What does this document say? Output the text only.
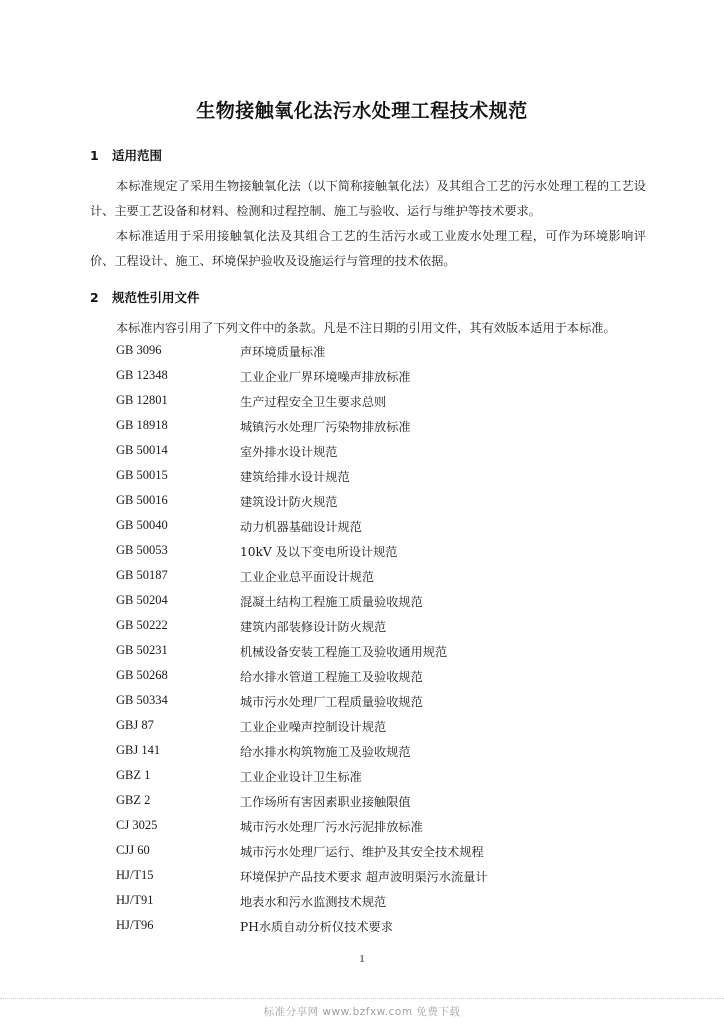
生物接触氧化法污水处理工程技术规范
1 适用范围
本标准规定了采用生物接触氧化法（以下简称接触氧化法）及其组合工艺的污水处理工程的工艺设计、主要工艺设备和材料、检测和过程控制、施工与验收、运行与维护等技术要求。
本标准适用于采用接触氧化法及其组合工艺的生活污水或工业废水处理工程，可作为环境影响评价、工程设计、施工、环境保护验收及设施运行与管理的技术依据。
2 规范性引用文件
本标准内容引用了下列文件中的条款。凡是不注日期的引用文件，其有效版本适用于本标准。
GB 3096	声环境质量标准
GB 12348	工业企业厂界环境噪声排放标准
GB 12801	生产过程安全卫生要求总则
GB 18918	城镇污水处理厂污染物排放标准
GB 50014	室外排水设计规范
GB 50015	建筑给排水设计规范
GB 50016	建筑设计防火规范
GB 50040	动力机器基础设计规范
GB 50053	10kV 及以下变电所设计规范
GB 50187	工业企业总平面设计规范
GB 50204	混凝土结构工程施工质量验收规范
GB 50222	建筑内部装修设计防火规范
GB 50231	机械设备安装工程施工及验收通用规范
GB 50268	给水排水管道工程施工及验收规范
GB 50334	城市污水处理厂工程质量验收规范
GBJ 87	工业企业噪声控制设计规范
GBJ 141	给水排水构筑物施工及验收规范
GBZ 1	工业企业设计卫生标准
GBZ 2	工作场所有害因素职业接触限值
CJ 3025	城市污水处理厂污水污泥排放标准
CJJ 60	城市污水处理厂运行、维护及其安全技术规程
HJ/T15	环境保护产品技术要求 超声波明渠污水流量计
HJ/T91	地表水和污水监测技术规范
HJ/T96	PH水质自动分析仪技术要求
1
标准分享网 www.bzfxw.com 免费下载
